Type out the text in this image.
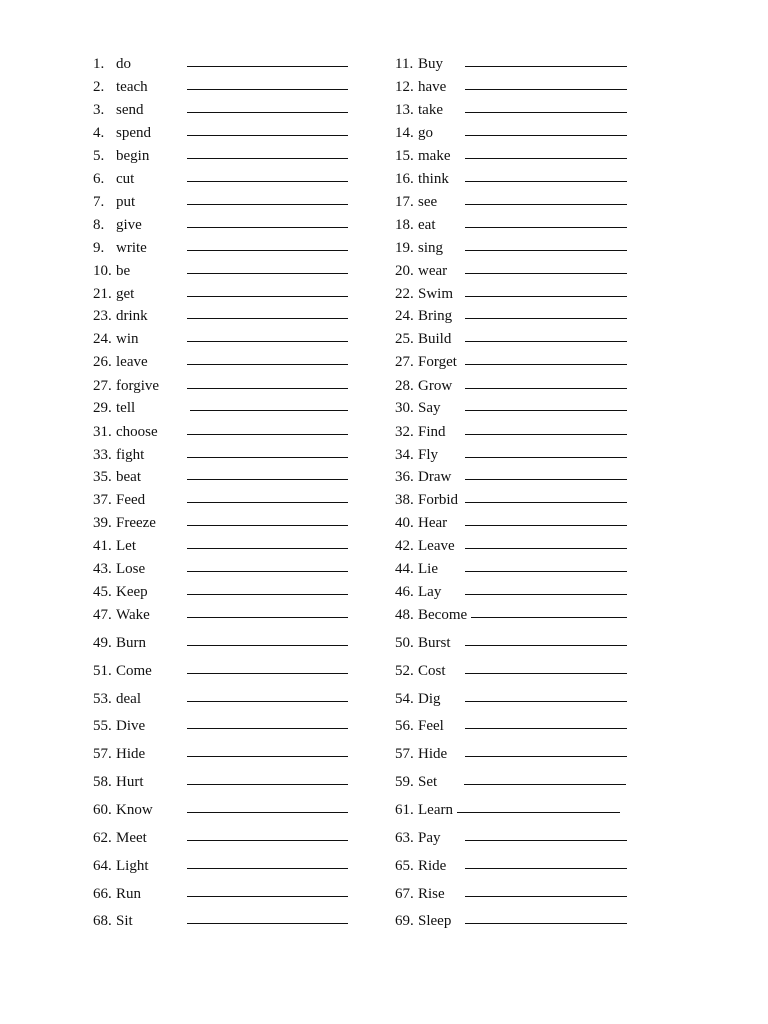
1. do	11. Buy
2. teach	12. have
3. send	13. take
4. spend	14. go
5. begin	15. make
6. cut	16. think
7. put	17. see
8. give	18. eat
9. write	19. sing
10. be	20. wear
21. get	22. Swim
23. drink	24. Bring
24. win	25. Build
26. leave	27. Forget
27. forgive	28. Grow
29. tell	30. Say
31. choose	32. Find
33. fight	34. Fly
35. beat	36. Draw
37. Feed	38. Forbid
39. Freeze	40. Hear
41. Let	42. Leave
43. Lose	44. Lie
45. Keep	46. Lay
47. Wake	48. Become
49. Burn	50. Burst
51. Come	52. Cost
53. deal	54. Dig
55. Dive	56. Feel
57. Hide	57. Hide
58. Hurt	59. Set
60. Know	61. Learn
62. Meet	63. Pay
64. Light	65. Ride
66. Run	67. Rise
68. Sit	69. Sleep
